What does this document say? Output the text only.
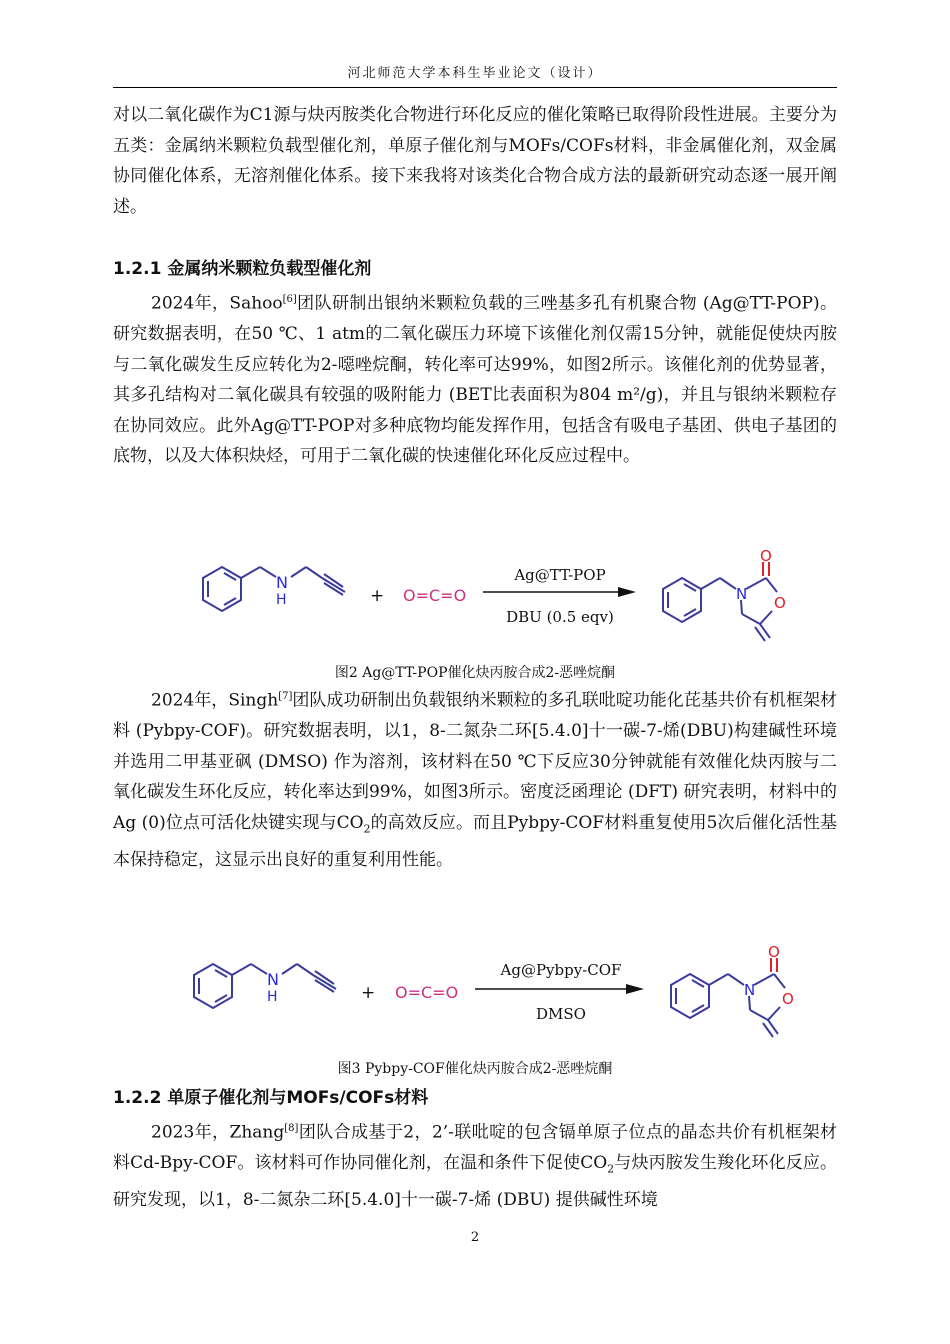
河北师范大学本科生毕业论文（设计）

对以二氧化碳作为C1源与炔丙胺类化合物进行环化反应的催化策略已取得阶段性进展。主要分为五类：金属纳米颗粒负载型催化剂，单原子催化剂与MOFs/COFs材料，非金属催化剂，双金属协同催化体系，无溶剂催化体系。接下来我将对该类化合物合成方法的最新研究动态逐一展开阐述。

1.2.1 金属纳米颗粒负载型催化剂

2024年，Sahoo[6]团队研制出银纳米颗粒负载的三唑基多孔有机聚合物 (Ag@TT-POP)。研究数据表明，在50 ℃、1 atm的二氧化碳压力环境下该催化剂仅需15分钟，就能促使炔丙胺与二氧化碳发生反应转化为2-噁唑烷酮，转化率可达99%，如图2所示。该催化剂的优势显著，其多孔结构对二氧化碳具有较强的吸附能力 (BET比表面积为804 m²/g)，并且与银纳米颗粒存在协同效应。此外Ag@TT-POP对多种底物均能发挥作用，包括含有吸电子基团、供电子基团的底物，以及大体积炔烃，可用于二氧化碳的快速催化环化反应过程中。

N
H	+ O=C=O
Ag@TT-POP
DBU (0.5 eqv)
N O
O
图2 Ag@TT-POP催化炔丙胺合成2-恶唑烷酮

2024年，Singh[7]团队成功研制出负载银纳米颗粒的多孔联吡啶功能化芘基共价有机框架材料 (Pybpy-COF)。研究数据表明，以1，8-二氮杂二环[5.4.0]十一碳-7-烯(DBU)构建碱性环境并选用二甲基亚砜 (DMSO) 作为溶剂，该材料在50 ℃下反应30分钟就能有效催化炔丙胺与二氧化碳发生环化反应，转化率达到99%，如图3所示。密度泛函理论 (DFT) 研究表明，材料中的Ag (0)位点可活化炔键实现与$CO_2$的高效反应。而且Pybpy-COF材料重复使用5次后催化活性基本保持稳定，这显示出良好的重复利用性能。

N
H	+ O=C=O
Ag@Pybpy-COF
DMSO
N O
O
图3 Pybpy-COF催化炔丙胺合成2-恶唑烷酮
1.2.2 单原子催化剂与MOFs/COFs材料

2023年，Zhang[8]团队合成基于2，2’-联吡啶的包含镉单原子位点的晶态共价有机框架材料Cd-Bpy-COF。该材料可作协同催化剂，在温和条件下促使$CO_2$与炔丙胺发生羧化环化反应。研究发现，以1，8-二氮杂二环[5.4.0]十一碳-7-烯 (DBU) 提供碱性环境

2
